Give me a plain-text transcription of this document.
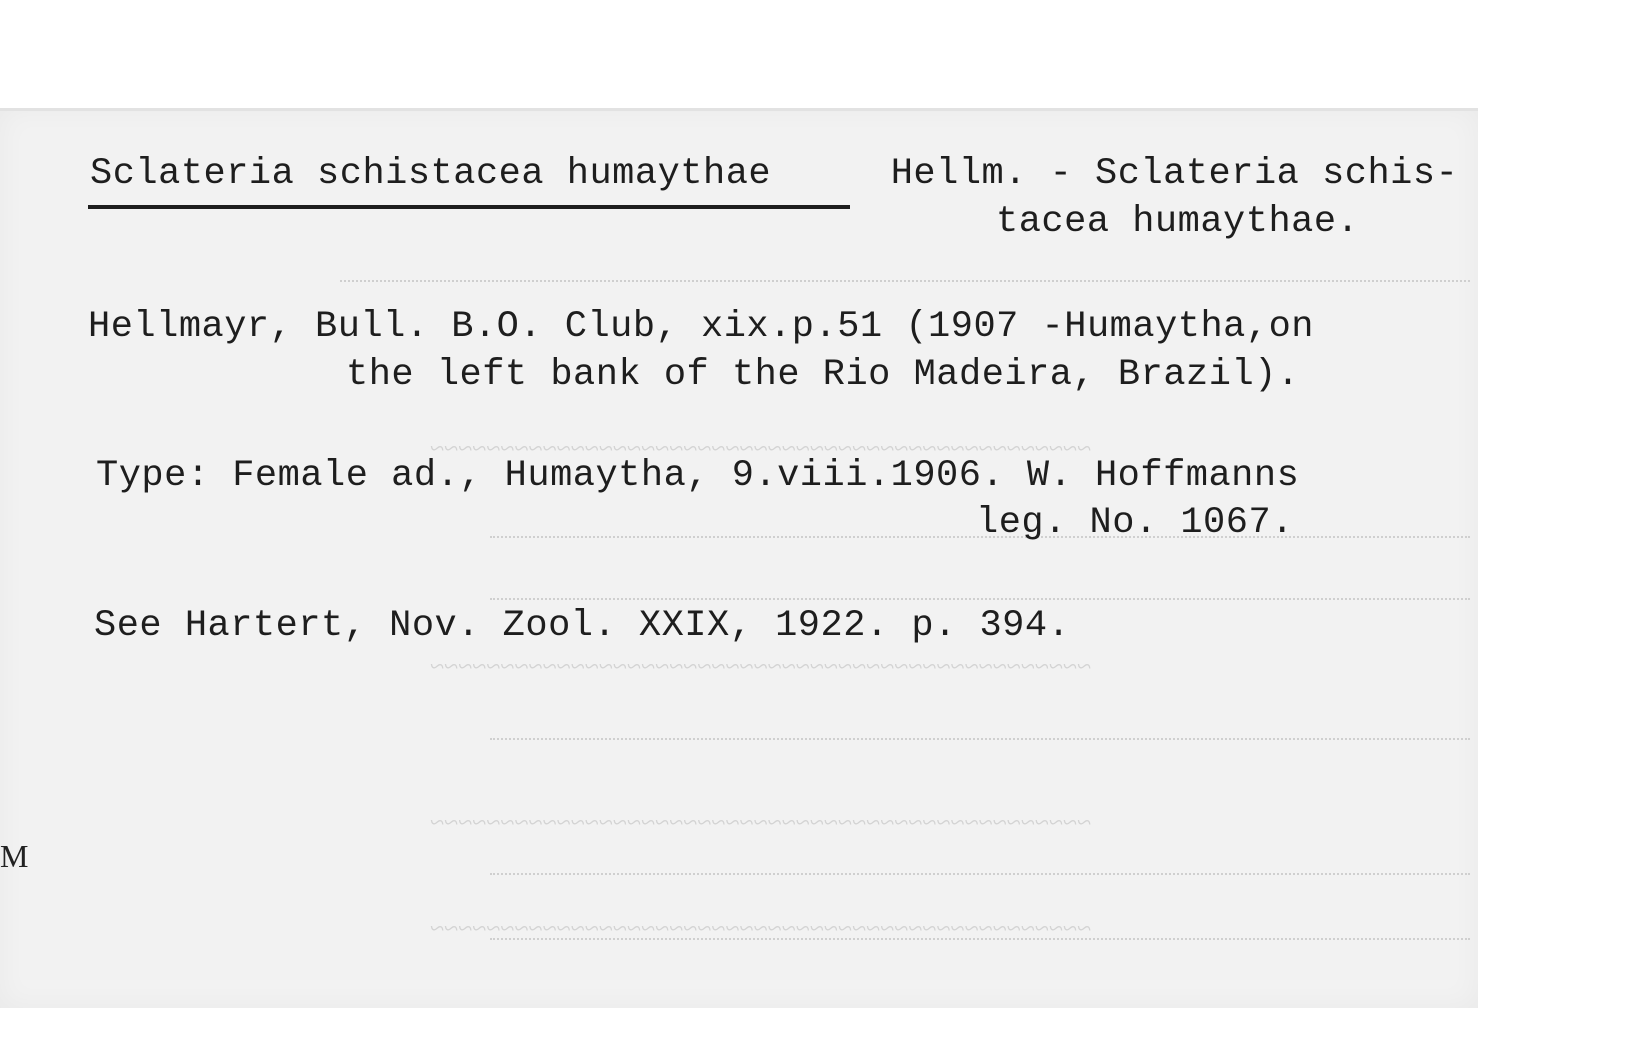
~~~~~~~~~~~~~~~~~~~~~~~~~~~~~~~~~~~~~~~~~~~~~~~
~~~~~~~~~~~~~~~~~~~~~~~~~~~~~~~~~~~~~~~~~~~~~~~
~~~~~~~~~~~~~~~~~~~~~~~~~~~~~~~~~~~~~~~~~~~~~~~
~~~~~~~~~~~~~~~~~~~~~~~~~~~~~~~~~~~~~~~~~~~~~~~
Sclateria schistacea humaythae	Hellm. - Sclateria schis-
tacea humaythae.
Hellmayr, Bull. B.O. Club, xix.p.51 (1907 -Humaytha,on
the left bank of the Rio Madeira, Brazil).
Type: Female ad., Humaytha, 9.viii.1906. W. Hoffmanns
leg. No. 1067.
See Hartert, Nov. Zool. XXIX, 1922. p. 394.
M
